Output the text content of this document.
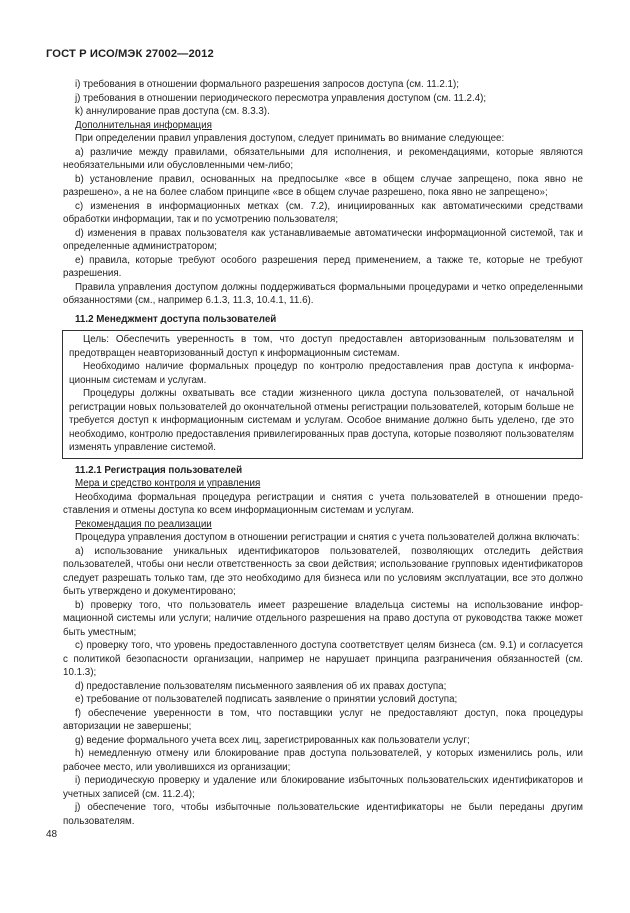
ГОСТ Р ИСО/МЭК 27002—2012

i) требования в отношении формального разрешения запросов доступа (см. 11.2.1);

j) требования в отношении периодического пересмотра управления доступом (см. 11.2.4);

k) аннулирование прав доступа (см. 8.3.3).

Дополнительная информация

При определении правил управления доступом, следует принимать во внимание следующее:

а) различие между правилами, обязательными для исполнения, и рекомендациями, которые являются необязательными или обусловленными чем-либо;

b) установление правил, основанных на предпосылке «все в общем случае запрещено, пока явно не разрешено», а не на более слабом принципе «все в общем случае разрешено, пока явно не запрещено»;

с) изменения в информационных метках (см. 7.2), инициированных как автоматическими средствами обработки информации, так и по усмотрению пользователя;

d) изменения в правах пользователя как устанавливаемые автоматически информационной системой, так и определенные администратором;

е) правила, которые требуют особого разрешения перед применением, а также те, которые не требуют разрешения.

Правила управления доступом должны поддерживаться формальными процедурами и четко определенными обязанностями (см., например 6.1.3, 11.3, 10.4.1, 11.6).

11.2 Менеджмент доступа пользователей

Цель: Обеспечить уверенность в том, что доступ предоставлен авторизованным пользователям и предотвращен неавторизованный доступ к информационным системам.

Необходимо наличие формальных процедур по контролю предоставления прав доступа к информационным системам и услугам.

Процедуры должны охватывать все стадии жизненного цикла доступа пользователей, от начальной регистрации новых пользователей до окончательной отмены регистрации пользователей, которым больше не требуется доступ к информационным системам и услугам. Особое внимание должно быть уделено, где это необходимо, контролю предоставления привилегированных прав доступа, которые позволяют пользователям изменять управление системой.

11.2.1 Регистрация пользователей

Мера и средство контроля и управления

Необходима формальная процедура регистрации и снятия с учета пользователей в отношении предоставления и отмены доступа ко всем информационным системам и услугам.

Рекомендация по реализации

Процедура управления доступом в отношении регистрации и снятия с учета пользователей должна включать:

а) использование уникальных идентификаторов пользователей, позволяющих отследить действия пользователей, чтобы они несли ответственность за свои действия; использование групповых идентификаторов следует разрешать только там, где это необходимо для бизнеса или по условиям эксплуатации, все это должно быть утверждено и документировано;

b) проверку того, что пользователь имеет разрешение владельца системы на использование информационной системы или услуги; наличие отдельного разрешения на право доступа от руководства также может быть уместным;

с) проверку того, что уровень предоставленного доступа соответствует целям бизнеса (см. 9.1) и согласуется с политикой безопасности организации, например не нарушает принципа разграничения обязанностей (см. 10.1.3);

d) предоставление пользователям письменного заявления об их правах доступа;

е) требование от пользователей подписать заявление о принятии условий доступа;

f) обеспечение уверенности в том, что поставщики услуг не предоставляют доступ, пока процедуры авторизации не завершены;

g) ведение формального учета всех лиц, зарегистрированных как пользователи услуг;

h) немедленную отмену или блокирование прав доступа пользователей, у которых изменились роль, или рабочее место, или уволившихся из организации;

i) периодическую проверку и удаление или блокирование избыточных пользовательских идентификаторов и учетных записей (см. 11.2.4);

j) обеспечение того, чтобы избыточные пользовательские идентификаторы не были переданы другим пользователям.

48
